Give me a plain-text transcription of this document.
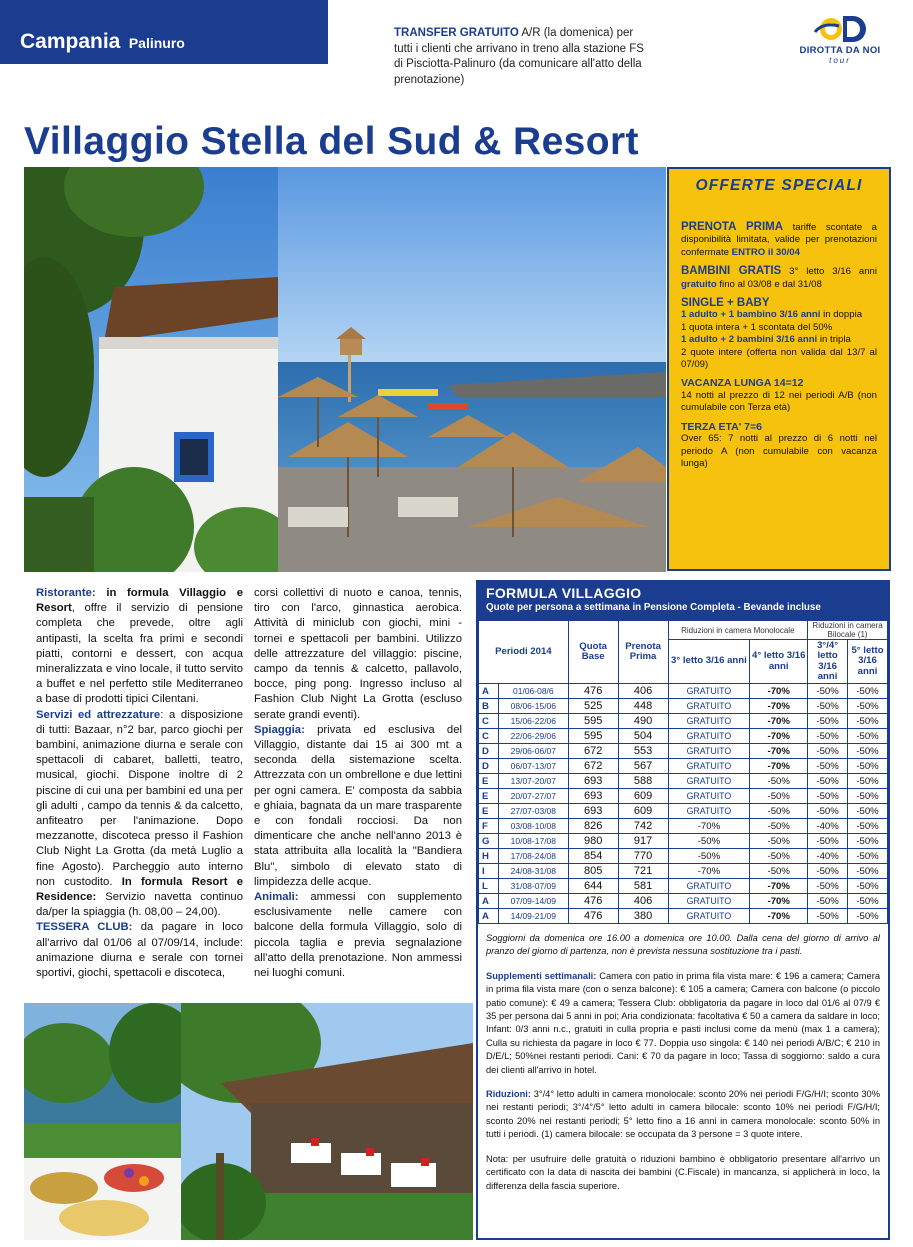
Campania Palinuro
TRANSFER GRATUITO A/R (la domenica) per tutti i clienti che arrivano in treno alla stazione FS di Pisciotta-Palinuro (da comunicare all'atto della prenotazione)
DIROTTA DA NOI
tour
Villaggio Stella del Sud & Resort
OFFERTE SPECIALI
PRENOTA PRIMA tariffe scontate a disponibilità limitata, valide per prenotazioni confermate ENTRO il 30/04
BAMBINI GRATIS 3° letto 3/16 anni gratuito fino al 03/08 e dal 31/08
SINGLE + BABY
1 adulto + 1 bambino 3/16 anni in doppia
1 quota intera + 1 scontata del 50%
1 adulto + 2 bambini 3/16 anni in tripla
2 quote intere (offerta non valida dal 13/7 al 07/09)
VACANZA LUNGA 14=12
14 notti al prezzo di 12 nei periodi A/B (non cumulabile con Terza età)
TERZA ETA' 7=6
Over 65: 7 notti al prezzo di 6 notti nel periodo A (non cumulabile con vacanza lunga)
Ristorante: in formula Villaggio e Resort, offre il servizio di pensione completa che prevede, oltre agli antipasti, la scelta fra primi e secondi piatti, contorni e dessert, con acqua mineralizzata e vino locale, il tutto servito a buffet e nel perfetto stile Mediterraneo a base di prodotti tipici Cilentani.
Servizi ed attrezzature: a disposizione di tutti: Bazaar, n°2 bar, parco giochi per bambini, animazione diurna e serale con spettacoli di cabaret, balletti, teatro, musical, giochi. Dispone inoltre di 2 piscine di cui una per bambini ed una per gli adulti , campo da tennis & da calcetto, anfiteatro per l'animazione. Dopo mezzanotte, discoteca presso il Fashion Club Night La Grotta (da metà Luglio a fine Agosto). Parcheggio auto interno non custodito. In formula Resort e Residence: Servizio navetta continuo da/per la spiaggia (h. 08,00 – 24,00).
TESSERA CLUB: da pagare in loco all'arrivo dal 01/06 al 07/09/14, include: animazione diurna e serale con tornei sportivi, giochi, spettacoli e discoteca,
corsi collettivi di nuoto e canoa, tennis, tiro con l'arco, ginnastica aerobica. Attività di miniclub con giochi, mini - tornei e spettacoli per bambini. Utilizzo delle attrezzature del villaggio: piscine, campo da tennis & calcetto, pallavolo, bocce, ping pong. Ingresso incluso al Fashion Club Night La Grotta (escluso serate grandi eventi).
Spiaggia: privata ed esclusiva del Villaggio, distante dai 15 ai 300 mt a seconda della sistemazione scelta. Attrezzata con un ombrellone e due lettini per ogni camera. E' composta da sabbia e ghiaia, bagnata da un mare trasparente e con fondali rocciosi. Da non dimenticare che anche nell'anno 2013 è stata attribuita alla località la "Bandiera Blu", simbolo di elevato stato di limpidezza delle acque.
Animali: ammessi con supplemento esclusivamente nelle camere con balcone della formula Villaggio, solo di piccola taglia e previa segnalazione all'atto della prenotazione. Non ammessi nei luoghi comuni.
FORMULA VILLAGGIO
Quote per persona a settimana in Pensione Completa - Bevande incluse
Periodi 2014		Quota Base	Prenota Prima	Riduzioni in camera Monolocale		Riduzioni in camera Bilocale (1)	
				3° letto 3/16 anni	4° letto 3/16 anni	3°/4° letto 3/16 anni	5° letto 3/16 anni
A	01/06-08/6	476	406	GRATUITO	-70%	-50%	-50%
B	08/06-15/06	525	448	GRATUITO	-70%	-50%	-50%
C	15/06-22/06	595	490	GRATUITO	-70%	-50%	-50%
C	22/06-29/06	595	504	GRATUITO	-70%	-50%	-50%
D	29/06-06/07	672	553	GRATUITO	-70%	-50%	-50%
D	06/07-13/07	672	567	GRATUITO	-70%	-50%	-50%
E	13/07-20/07	693	588	GRATUITO	-50%	-50%	-50%
E	20/07-27/07	693	609	GRATUITO	-50%	-50%	-50%
E	27/07-03/08	693	609	GRATUITO	-50%	-50%	-50%
F	03/08-10/08	826	742	-70%	-50%	-40%	-50%
G	10/08-17/08	980	917	-50%	-50%	-50%	-50%
H	17/08-24/08	854	770	-50%	-50%	-40%	-50%
I	24/08-31/08	805	721	-70%	-50%	-50%	-50%
L	31/08-07/09	644	581	GRATUITO	-70%	-50%	-50%
A	07/09-14/09	476	406	GRATUITO	-70%	-50%	-50%
A	14/09-21/09	476	380	GRATUITO	-70%	-50%	-50%

Soggiorni da domenica ore 16.00 a domenica ore 10.00. Dalla cena del giorno di arrivo al pranzo del giorno di partenza, non è prevista nessuna sostituzione tra i pasti.

Supplementi settimanali: Camera con patio in prima fila vista mare: € 196 a camera; Camera in prima fila vista mare (con o senza balcone): € 105 a camera; Camera con balcone (o piccolo patio comune): € 49 a camera; Tessera Club: obbligatoria da pagare in loco dal 01/6 al 07/9 € 35 per persona dai 5 anni in poi; Aria condizionata: facoltativa € 50 a camera da saldare in loco; Infant: 0/3 anni n.c., gratuiti in culla propria e pasti inclusi come da menù (max 1 a camera); Culla su richiesta da pagare in loco € 77. Doppia uso singola: € 140 nei periodi A/B/C; € 210 in D/E/L; 50%nei restanti periodi. Cani: € 70 da pagare in loco; Tassa di soggiorno: saldo a cura dei clienti all'arrivo in hotel.

Riduzioni: 3°/4° letto adulti in camera monolocale: sconto 20% nei periodi F/G/H/I; sconto 30% nei restanti periodi; 3°/4°/5° letto adulti in camera bilocale: sconto 10% nei periodi F/G/H/I; sconto 20% nei restanti periodi; 5° letto fino a 16 anni in camera monolocale: sconto 50% in tutti i periodi. (1) camera bilocale: se occupata da 3 persone = 3 quote intere.

Nota: per usufruire delle gratuità o riduzioni bambino è obbligatorio presentare all'arrivo un certificato con la data di nascita dei bambini (C.Fiscale) in mancanza, si applicherà in loco, la differenza della fascia superiore.
